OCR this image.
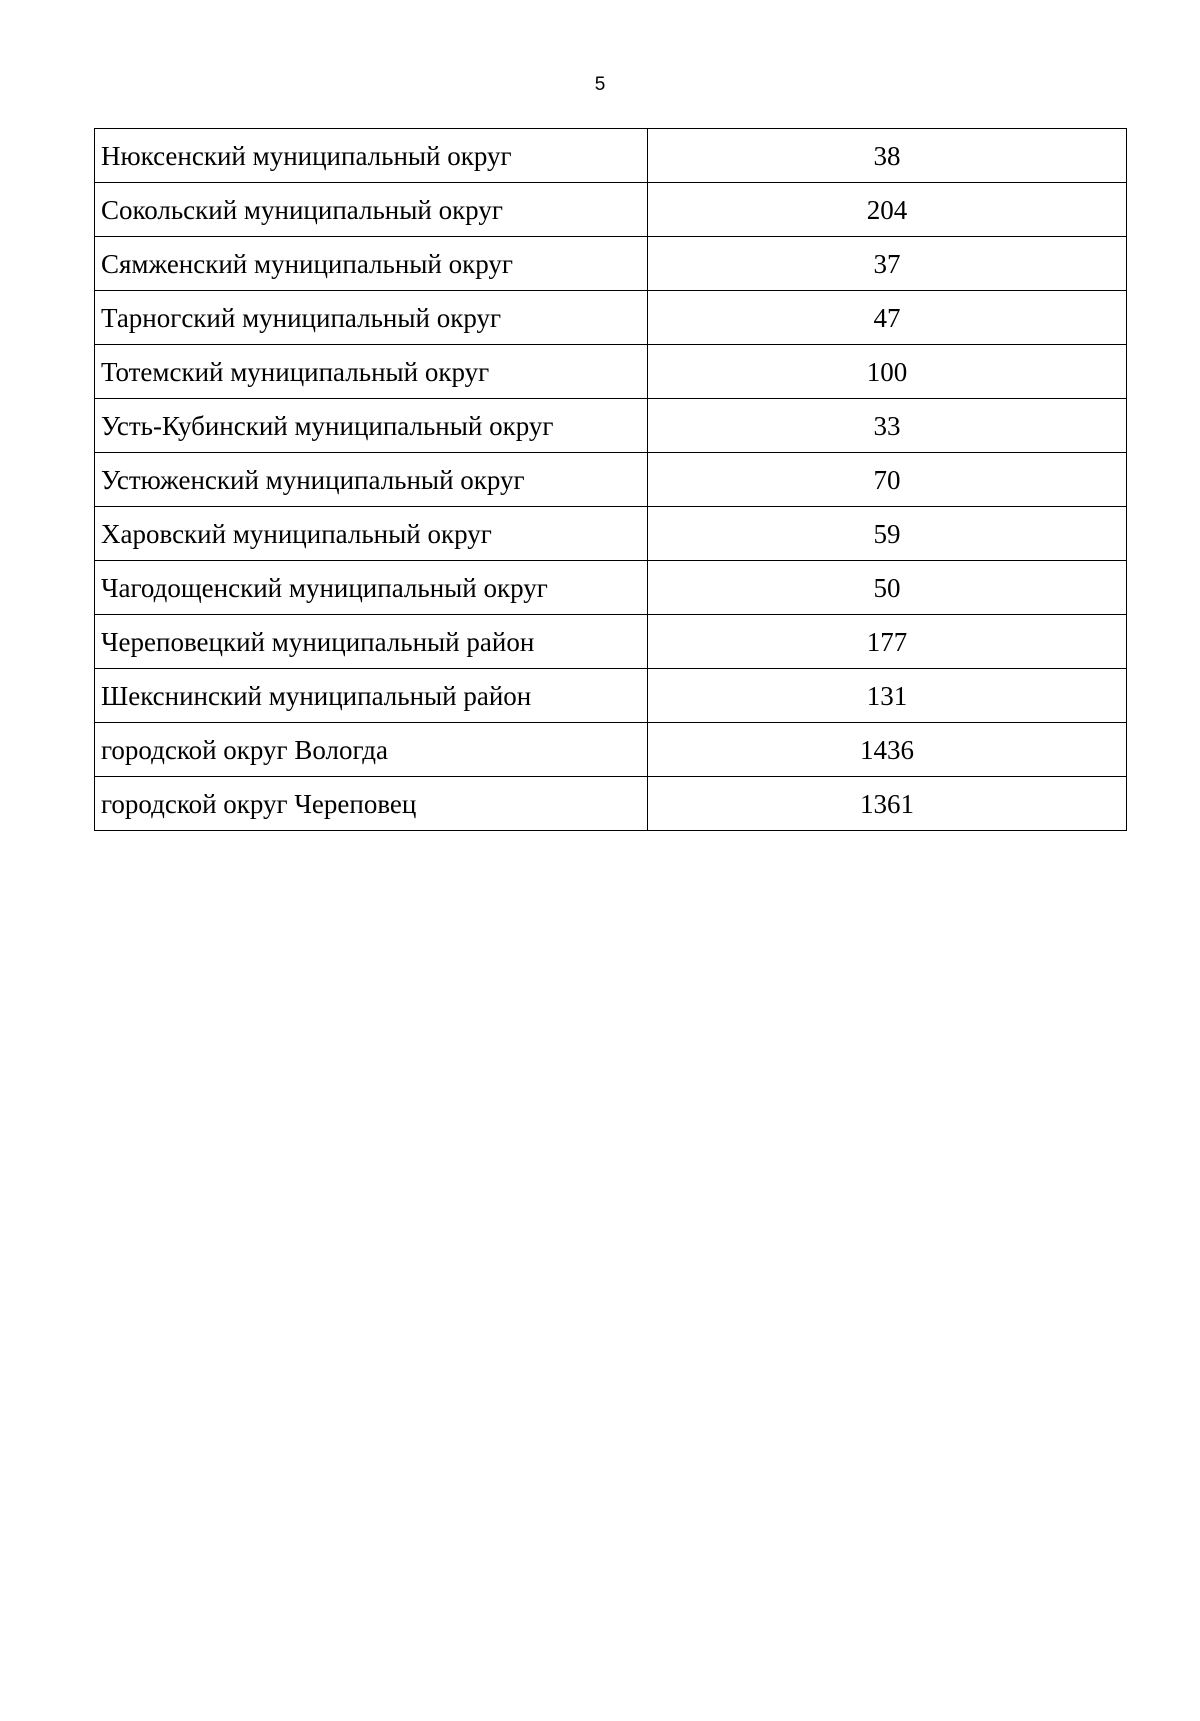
5
Нюксенский муниципальный округ	38
Сокольский муниципальный округ	204
Сямженский муниципальный округ	37
Тарногский муниципальный округ	47
Тотемский муниципальный округ	100
Усть-Кубинский муниципальный округ	33
Устюженский муниципальный округ	70
Харовский муниципальный округ	59
Чагодощенский муниципальный округ	50
Череповецкий муниципальный район	177
Шекснинский муниципальный район	131
городской округ Вологда	1436
городской округ Череповец	1361
